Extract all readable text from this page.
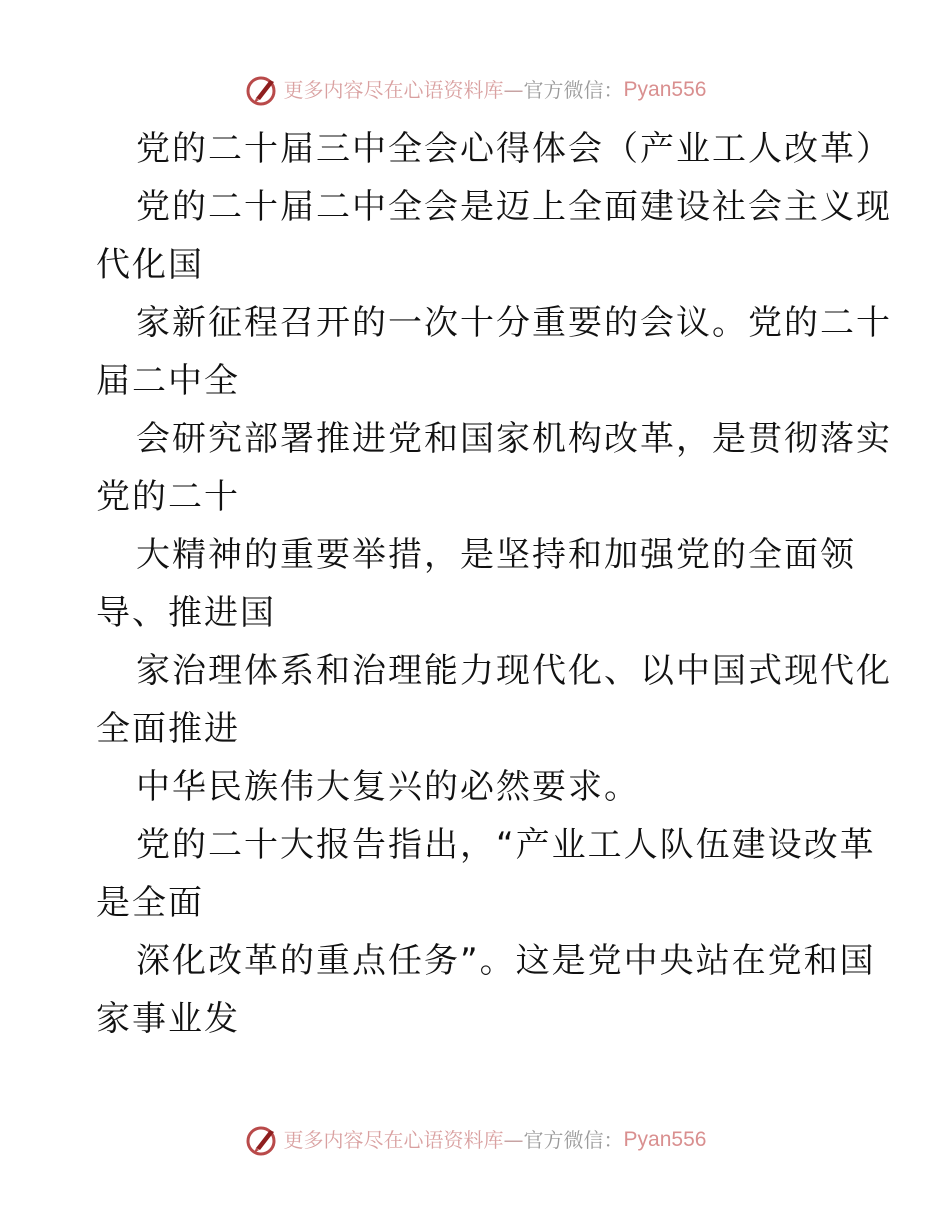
更多内容尽在心语资料库 — 官方微信： Pyan556
党的二十届三中全会心得体会（产业工人改革）
党的二十届二中全会是迈上全面建设社会主义现
代化国
家新征程召开的一次十分重要的会议。党的二十
届二中全
会研究部署推进党和国家机构改革，是贯彻落实
党的二十
大精神的重要举措，是坚持和加强党的全面领
导、推进国
家治理体系和治理能力现代化、以中国式现代化
全面推进
中华民族伟大复兴的必然要求。
党的二十大报告指出，“产业工人队伍建设改革
是全面
深化改革的重点任务”。这是党中央站在党和国
家事业发
更多内容尽在心语资料库 — 官方微信： Pyan556
